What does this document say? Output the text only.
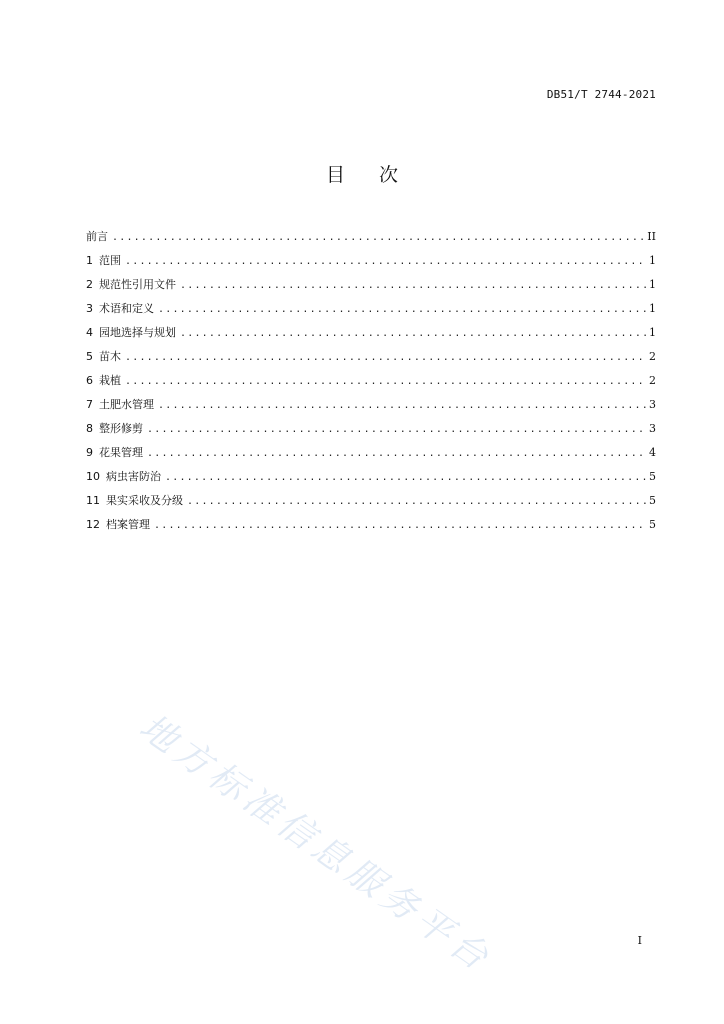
DB51/T 2744-2021
目 次
前言 .....	II
1 范围 .....	1
2 规范性引用文件 .....	1
3 术语和定义 .....	1
4 园地选择与规划 .....	1
5 苗木 .....	2
6 栽植 .....	2
7 土肥水管理 .....	3
8 整形修剪 .....	3
9 花果管理 .....	4
10 病虫害防治 .....	5
11 果实采收及分级 .....	5
12 档案管理 .....	5
地方标准信息服务平台	I
